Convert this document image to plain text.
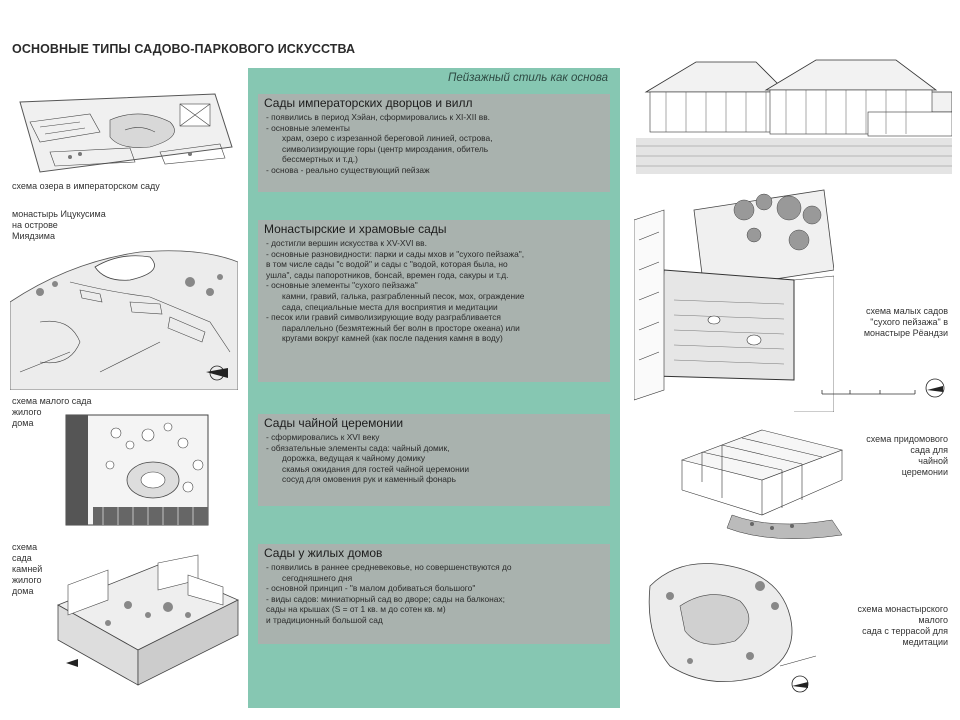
ОСНОВНЫЕ ТИПЫ САДОВО-ПАРКОВОГО ИСКУССТВА
схема озера в императорском саду
монастырь Ицукусима
на острове
Миядзима
схема малого сада
жилого
дома
схема
сада
камней
жилого
дома
Пейзажный стиль как основа
Сады императорских дворцов и вилл
- появились в период Хэйан, сформировались к XI-XII вв.
- основные элементы
храм, озеро с изрезанной береговой линией, острова,
символизирующие горы (центр мироздания, обитель
бессмертных и т.д.)
- основа - реально существующий пейзаж
Монастырские и храмовые сады
- достигли вершин искусства к XV-XVI вв.
- основные разновидности: парки и сады мхов и "сухого пейзажа",
в том числе сады "с водой" и сады с "водой, которая была, но
ушла", сады папоротников, бонсай, времен года, сакуры и т.д.
- основные элементы "сухого пейзажа"
камни, гравий, галька, разграбленный песок, мох, ограждение
сада, специальные места для восприятия и медитации
- песок или гравий символизирующие воду разграбливается
параллельно (безмятежный бег волн в просторе океана) или
кругами вокруг камней (как после падения камня в воду)
Сады чайной церемонии
- сформировались к XVI веку
- обязательные элементы сада: чайный домик,
дорожка, ведущая к чайному домику
скамья ожидания для гостей чайной церемонии
сосуд для омовения рук и каменный фонарь
Сады у жилых домов
- появились в раннее средневековье, но совершенствуются до
сегодняшнего дня
- основной принцип - "в малом добиваться большого"
- виды садов: миниатюрный сад во дворе; сады на балконах;
сады на крышах (S = от 1 кв. м до сотен кв. м)
и традиционный большой сад
схема малых садов
"сухого пейзажа" в
монастыре Рёандзи
схема придомового
сада для
чайной
церемонии
схема монастырского
малого
сада с террасой для
медитации
